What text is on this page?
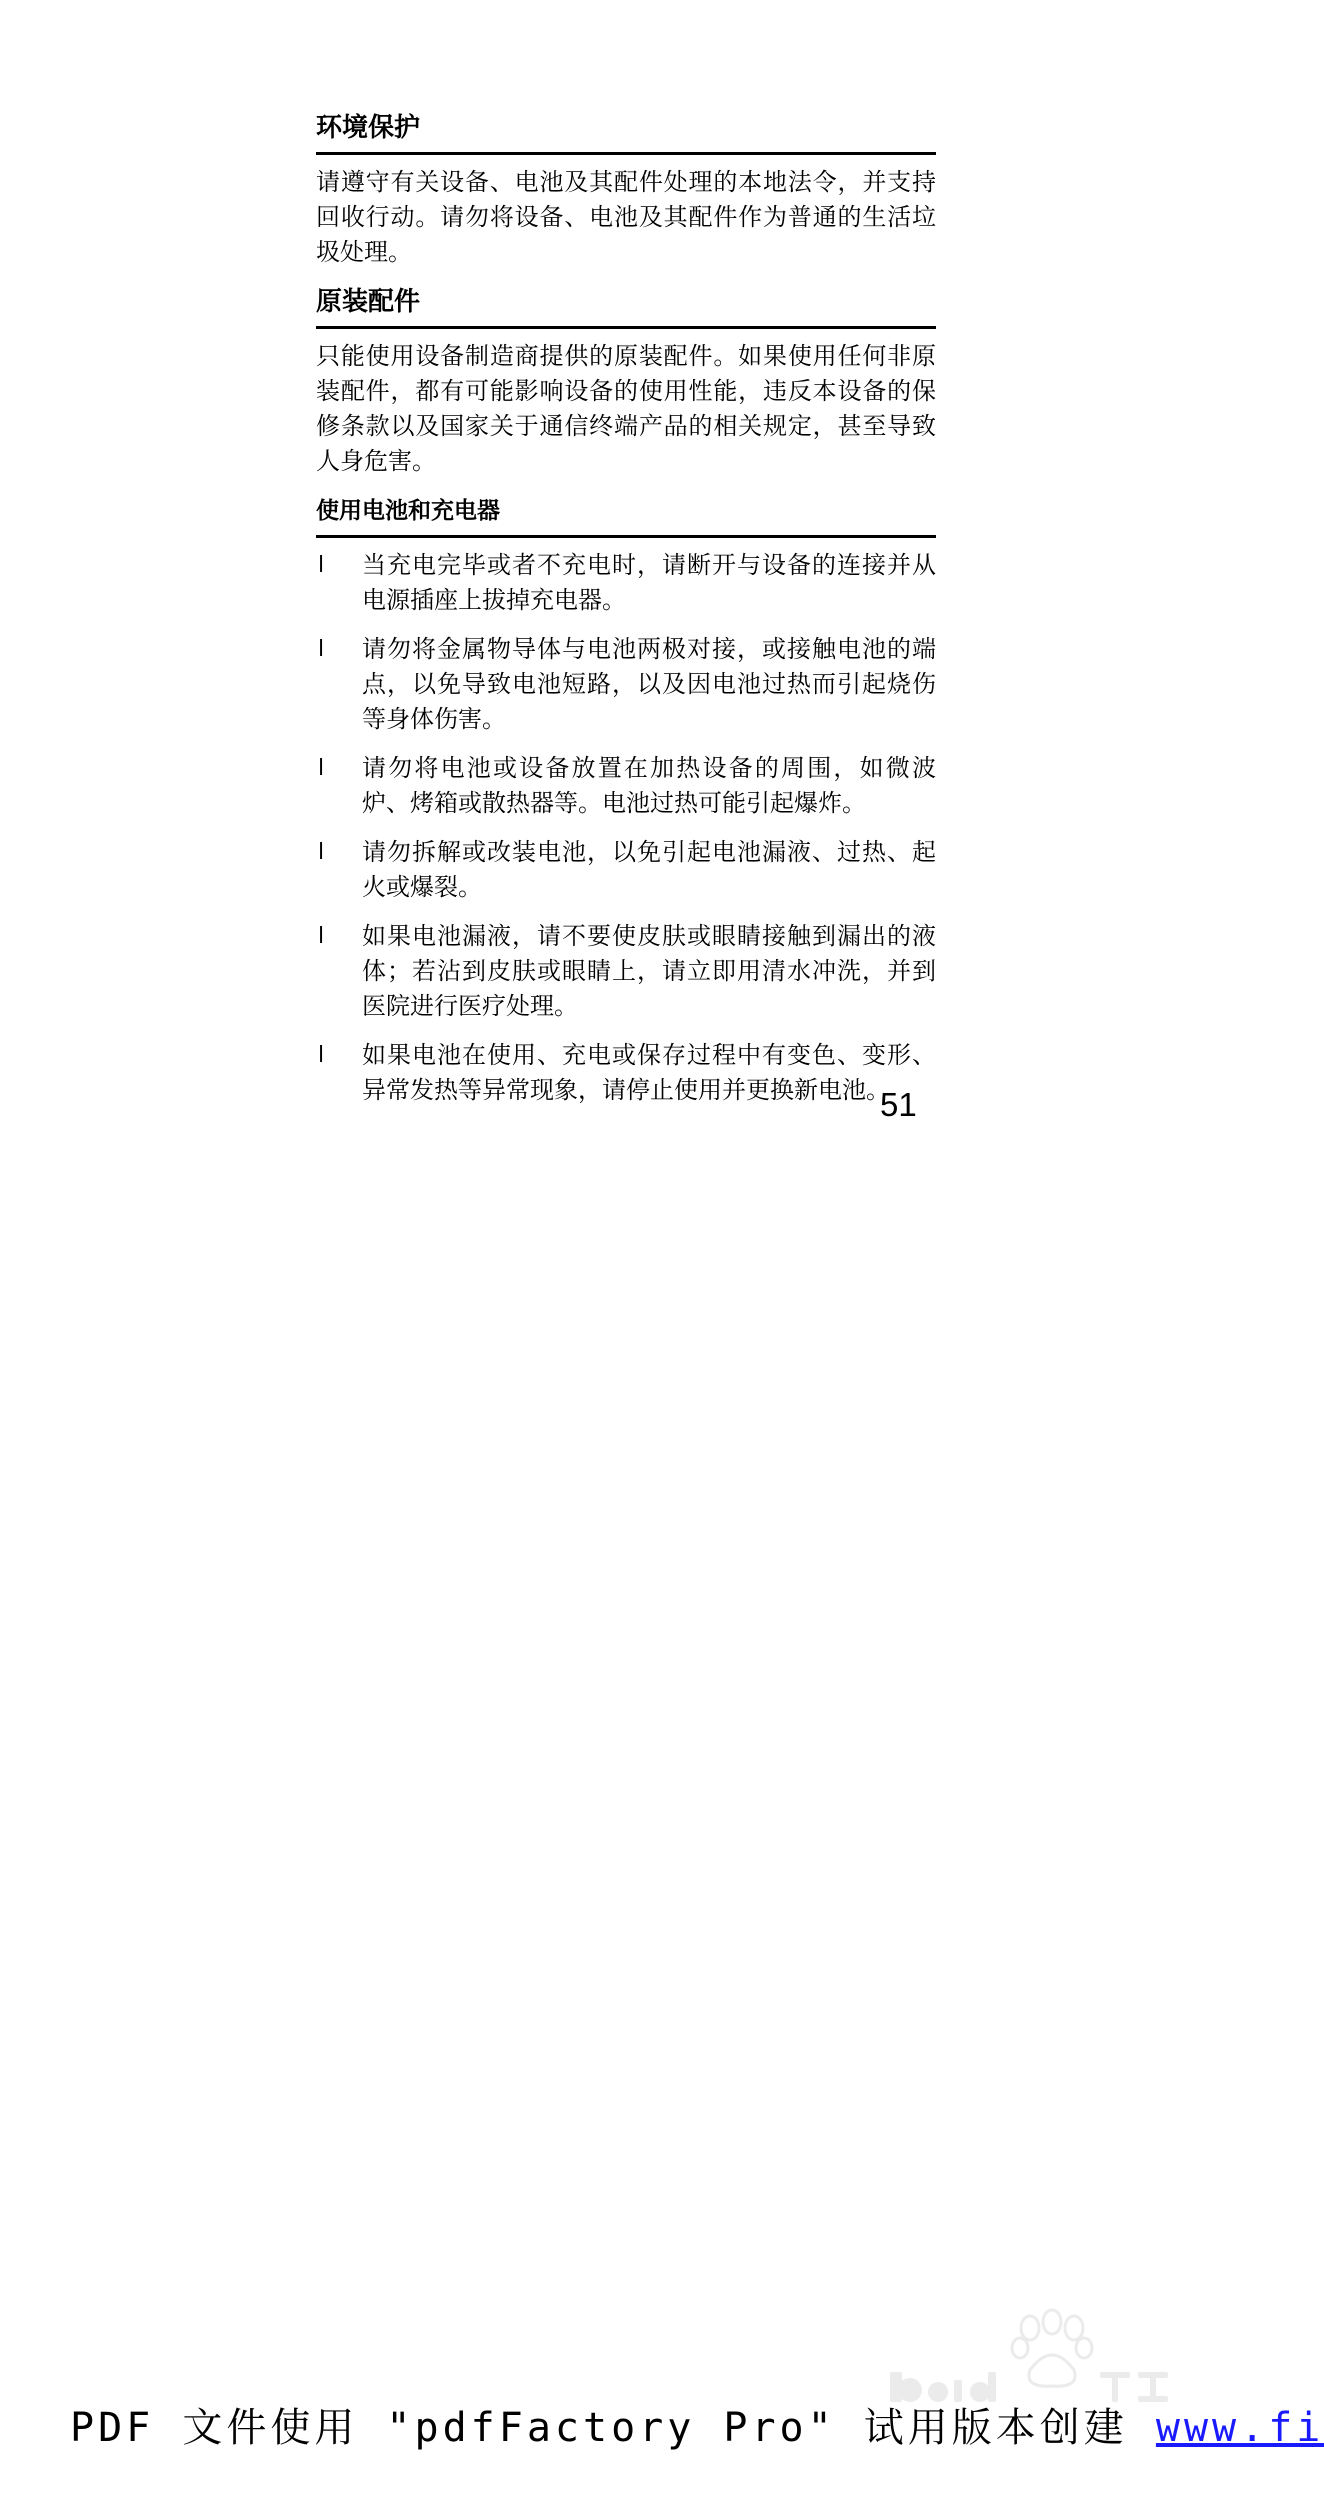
环境保护

请遵守有关设备、电池及其配件处理的本地法令，并支持回收行动。请勿将设备、电池及其配件作为普通的生活垃圾处理。

原装配件

只能使用设备制造商提供的原装配件。如果使用任何非原装配件，都有可能影响设备的使用性能，违反本设备的保修条款以及国家关于通信终端产品的相关规定，甚至导致人身危害。

使用电池和充电器
l	当充电完毕或者不充电时，请断开与设备的连接并从电源插座上拔掉充电器。
l	请勿将金属物导体与电池两极对接，或接触电池的端点，以免导致电池短路，以及因电池过热而引起烧伤等身体伤害。
l	请勿将电池或设备放置在加热设备的周围，如微波炉、烤箱或散热器等。电池过热可能引起爆炸。
l	请勿拆解或改装电池，以免引起电池漏液、过热、起火或爆裂。
l	如果电池漏液，请不要使皮肤或眼睛接触到漏出的液体；若沾到皮肤或眼睛上，请立即用清水冲洗，并到医院进行医疗处理。
l	如果电池在使用、充电或保存过程中有变色、变形、异常发热等异常现象，请停止使用并更换新电池。
51
PDF 文件使用 "pdfFactory Pro" 试用版本创建 www.fi
